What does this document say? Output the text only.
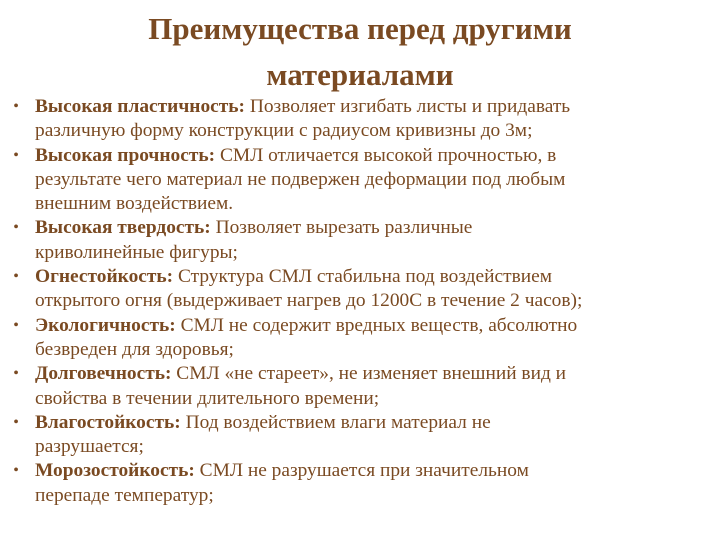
Преимущества перед другими
материалами
• Высокая пластичность: Позволяет изгибать листы и придавать
различную форму конструкции с радиусом кривизны до 3м;
• Высокая прочность: СМЛ отличается высокой прочностью, в
результате чего материал не подвержен деформации под любым
внешним воздействием.
• Высокая твердость: Позволяет вырезать различные
криволинейные фигуры;
• Огнестойкость: Структура СМЛ стабильна под воздействием
открытого огня (выдерживает нагрев до 1200С в течение 2 часов);
• Экологичность: СМЛ не содержит вредных веществ, абсолютно
безвреден для здоровья;
• Долговечность: СМЛ «не стареет», не изменяет внешний вид и
свойства в течении длительного времени;
• Влагостойкость: Под воздействием влаги материал не
разрушается;
• Морозостойкость: СМЛ не разрушается при значительном
перепаде температур;
